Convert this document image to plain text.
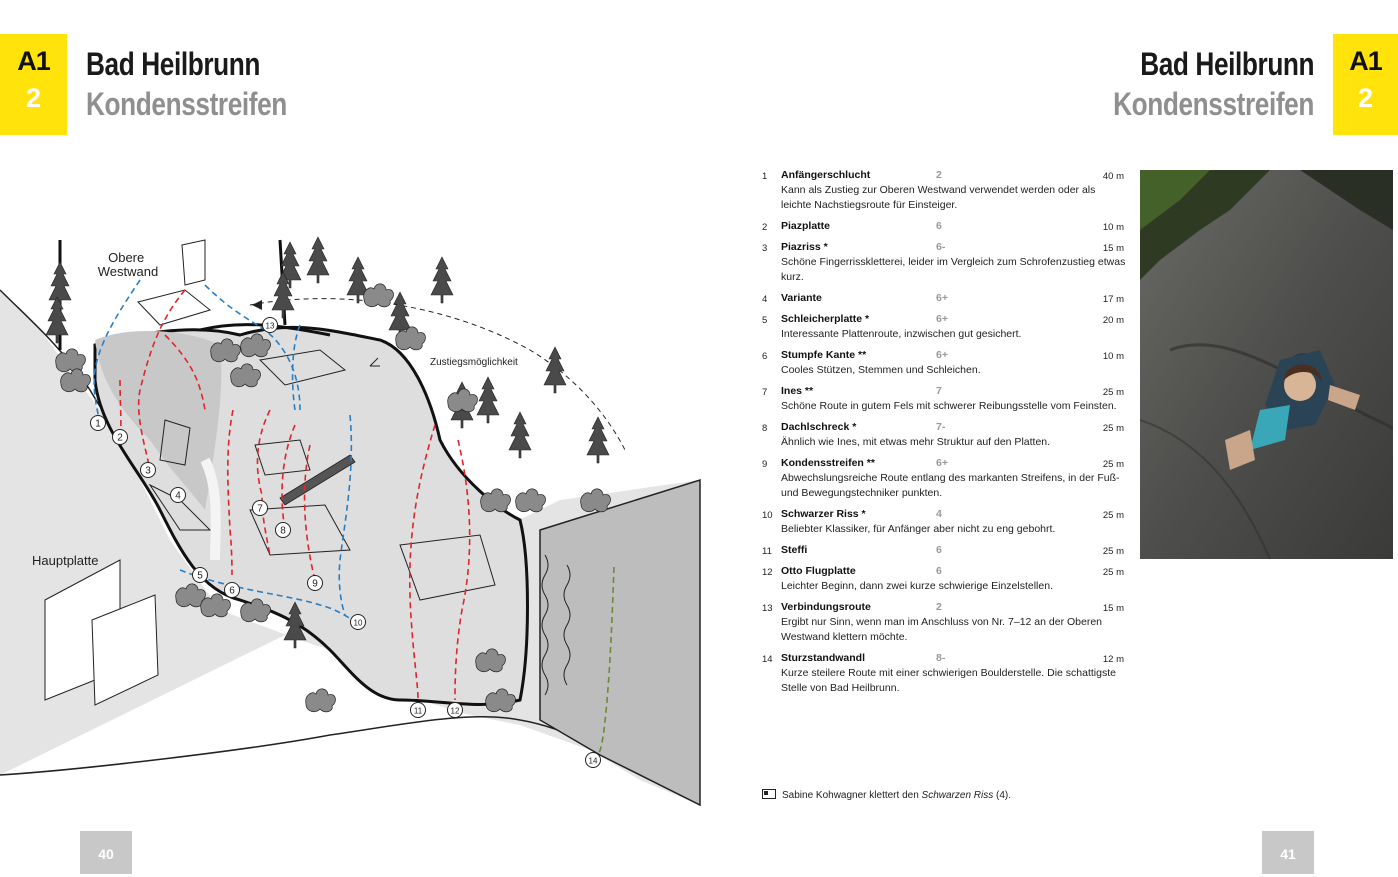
A1
2
Bad Heilbrunn
Kondensstreifen
A1
2
Bad Heilbrunn
Kondensstreifen
Obere Westwand
Hauptplatte
Zustiegsmöglichkeit
1
2
3
4
5
6
7
8
9
10
11	12
13
14
1	Anfängerschlucht	2	40 m
Kann als Zustieg zur Oberen Westwand verwendet werden oder als leichte Nachstiegsroute für Einsteiger.
2	Piazplatte	6	10 m
3	Piazriss *	6-	15 m
Schöne Fingerrisskletterei, leider im Vergleich zum Schrofenzustieg etwas kurz.
4	Variante	6+	17 m
5	Schleicherplatte *	6+	20 m
Interessante Plattenroute, inzwischen gut gesichert.
6	Stumpfe Kante **	6+	10 m
Cooles Stützen, Stemmen und Schleichen.
7	Ines **	7	25 m
Schöne Route in gutem Fels mit schwerer Reibungsstelle vom Feinsten.
8	Dachlschreck *	7-	25 m
Ähnlich wie Ines, mit etwas mehr Struktur auf den Platten.
9	Kondensstreifen **	6+	25 m
Abwechslungsreiche Route entlang des markanten Streifens, in der Fuß- und Bewegungstechniker punkten.
10 Schwarzer Riss *	4	25 m
Beliebter Klassiker, für Anfänger aber nicht zu eng gebohrt.
11 Steffi	6	25 m
12 Otto Flugplatte	6	25 m
Leichter Beginn, dann zwei kurze schwierige Einzelstellen.
13 Verbindungsroute	2	15 m
Ergibt nur Sinn, wenn man im Anschluss von Nr. 7–12 an der Oberen Westwand klettern möchte.
14 Sturzstandwandl	8-	12 m
Kurze steilere Route mit einer schwierigen Boulderstelle. Die schattigste Stelle von Bad Heilbrunn.
Sabine Kohwagner klettert den Schwarzen Riss (4).
40	41
